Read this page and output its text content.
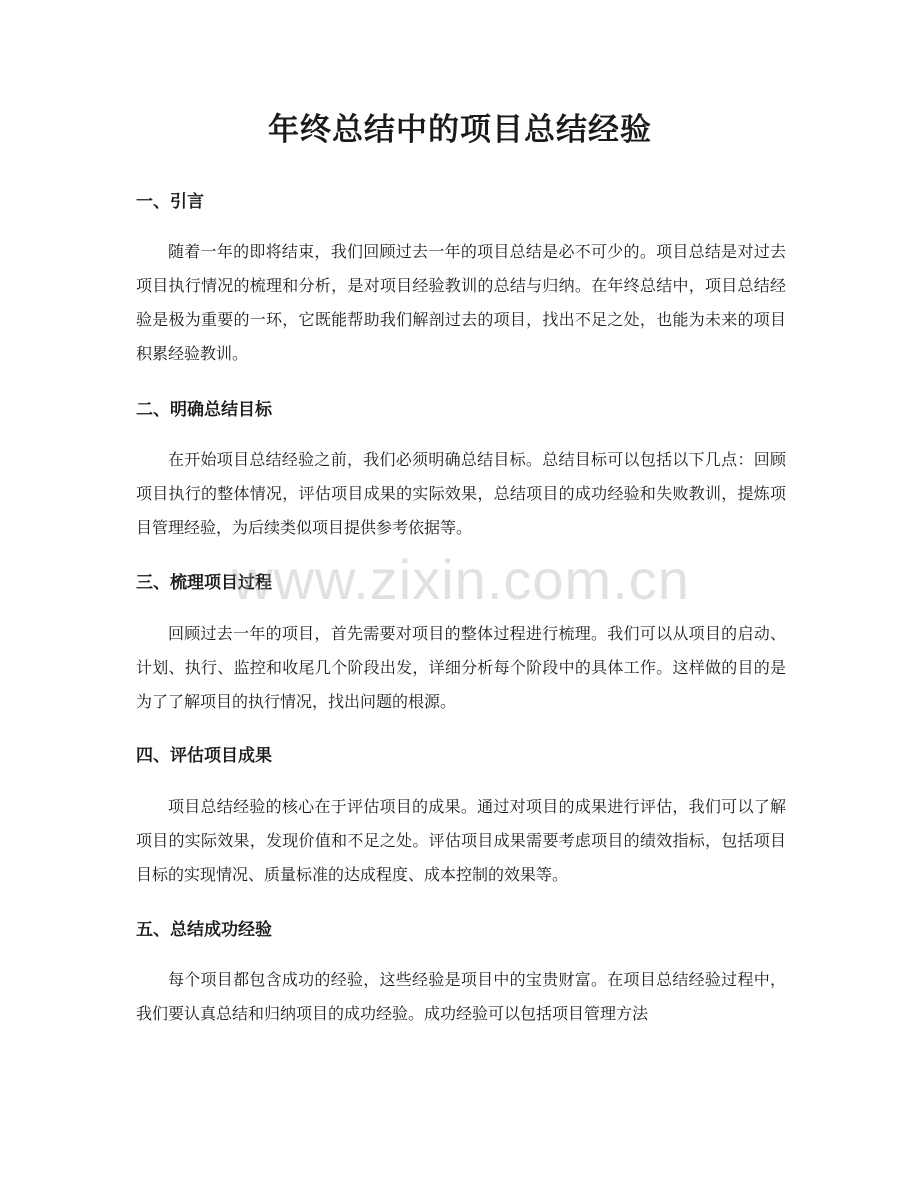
年终总结中的项目总结经验
一、引言

随着一年的即将结束，我们回顾过去一年的项目总结是必不可少的。项目总结是对过去项目执行情况的梳理和分析，是对项目经验教训的总结与归纳。在年终总结中，项目总结经验是极为重要的一环，它既能帮助我们解剖过去的项目，找出不足之处，也能为未来的项目积累经验教训。

二、明确总结目标

在开始项目总结经验之前，我们必须明确总结目标。总结目标可以包括以下几点：回顾项目执行的整体情况，评估项目成果的实际效果，总结项目的成功经验和失败教训，提炼项目管理经验，为后续类似项目提供参考依据等。

三、梳理项目过程

回顾过去一年的项目，首先需要对项目的整体过程进行梳理。我们可以从项目的启动、计划、执行、监控和收尾几个阶段出发，详细分析每个阶段中的具体工作。这样做的目的是为了了解项目的执行情况，找出问题的根源。

四、评估项目成果

项目总结经验的核心在于评估项目的成果。通过对项目的成果进行评估，我们可以了解项目的实际效果，发现价值和不足之处。评估项目成果需要考虑项目的绩效指标，包括项目目标的实现情况、质量标准的达成程度、成本控制的效果等。

五、总结成功经验

每个项目都包含成功的经验，这些经验是项目中的宝贵财富。在项目总结经验过程中，我们要认真总结和归纳项目的成功经验。成功经验可以包括项目管理方法

www.zixin.com.cn
